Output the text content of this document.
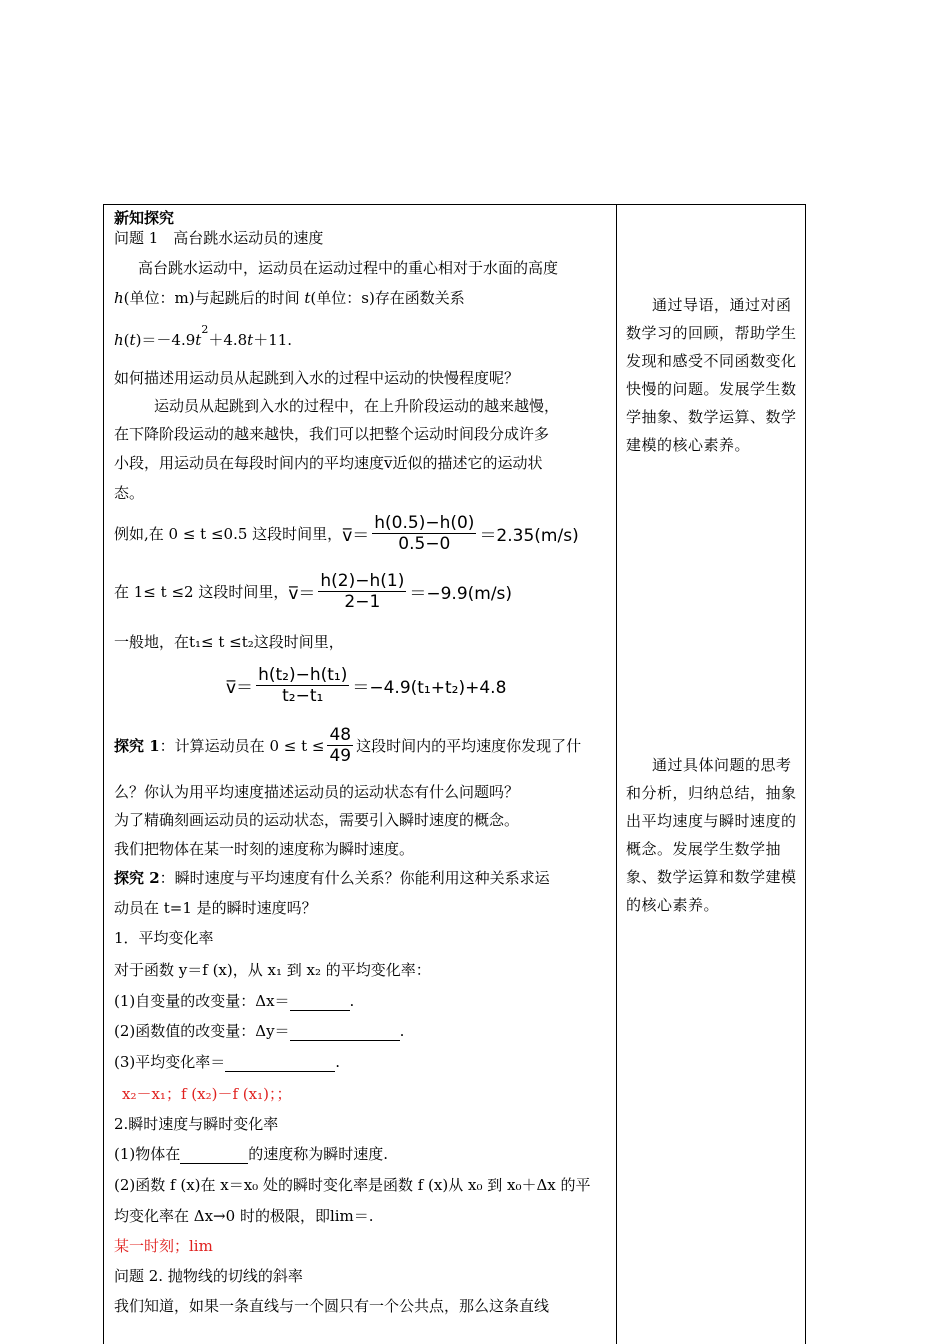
新知探究
问题 1　高台跳水运动员的速度
高台跳水运动中，运动员在运动过程中的重心相对于水面的高度
h(单位：m)与起跳后的时间 t(单位：s)存在函数关系
$h(t)=-4.9t^2+4.8t+11$.
如何描述用运动员从起跳到入水的过程中运动的快慢程度呢？
运动员从起跳到入水的过程中，在上升阶段运动的越来越慢，
在下降阶段运动的越来越快，我们可以把整个运动时间段分成许多
小段，用运动员在每段时间内的平均速度v̅近似的描述它的运动状
态。
例如,在 0 ≤ t ≤0.5 这段时间里，v̅＝ $\frac{h(0.5)-h(0)}{0.5-0} =2.35(m/s)$
在 1≤ t ≤2 这段时间里，v̅＝ $\frac{h(2)-h(1)}{2-1} =-9.9(m/s)$
一般地，在t₁≤ t ≤t₂这段时间里，
v̅＝ $\frac{\text{h(t₂)−h(t₁)}}{\text{t₂−t₁}} =-4.9(t_1+t_2)+4.8$
探究 1：计算运动员在 $0 \le t \le \frac{48}{49}$ 这段时间内的平均速度你发现了什
么？你认为用平均速度描述运动员的运动状态有什么问题吗？
为了精确刻画运动员的运动状态，需要引入瞬时速度的概念。
我们把物体在某一时刻的速度称为瞬时速度。
探究 2：瞬时速度与平均速度有什么关系？你能利用这种关系求运
动员在 t=1 是的瞬时速度吗？
1．平均变化率
对于函数 y＝f (x)，从 x₁ 到 x₂ 的平均变化率：
(1)自变量的改变量：Δx＝	.
(2)函数值的改变量：Δy＝	.
(3)平均变化率＝	.
x₂－x₁；f (x₂)－f (x₁)；；
2.瞬时速度与瞬时变化率
(1)物体在	的速度称为瞬时速度.
(2)函数 f (x)在 x＝x₀ 处的瞬时变化率是函数 f (x)从 x₀ 到 x₀＋Δx 的平
均变化率在 Δx→0 时的极限，即lim＝.
某一时刻；lim
问题 2. 抛物线的切线的斜率
我们知道，如果一条直线与一个圆只有一个公共点，那么这条直线
通过导语，通过对函数学习的回顾，帮助学生发现和感受不同函数变化快慢的问题。发展学生数学抽象、数学运算、数学建模的核心素养。
通过具体问题的思考和分析，归纳总结，抽象出平均速度与瞬时速度的概念。发展学生数学抽象、数学运算和数学建模的核心素养。
